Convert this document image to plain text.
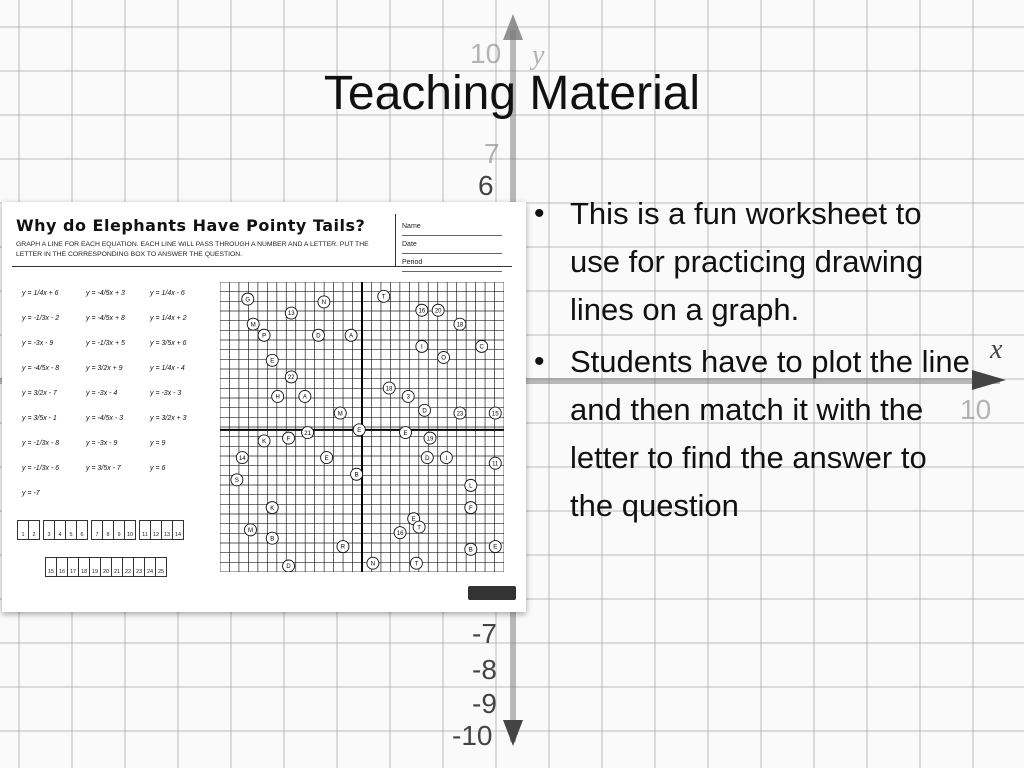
10 y
7
6
-7
-8
-9
-10
x
10
Teaching Material
• This is a fun worksheet to use for practicing drawing lines on a graph.
• Students have to plot the line and then match it with the letter to find the answer to the question
Why do Elephants Have Pointy Tails?
GRAPH A LINE FOR EACH EQUATION. EACH LINE WILL PASS THROUGH A NUMBER AND A LETTER. PUT THE LETTER IN THE CORRESPONDING BOX TO ANSWER THE QUESTION.
Name
Date
Period
y = 1/4x + 6	y = -4/5x + 3	y = 1/4x - 6
y = -1/3x - 2	y = -4/5x + 8	y = 1/4x + 2
y = -3x - 9	y = -1/3x + 5	y = 3/5x + 6
y = -4/5x - 8	y = 3/2x + 9	y = 1/4x - 4
y = 3/2x - 7	y = -3x - 4	y = -3x - 3
y = 3/5x - 1	y = -4/5x - 3	y = 3/2x + 3
y = -1/3x - 8	y = -3x - 9	y = 9
y = -1/3x - 6	y = 3/5x - 7	y = 6
y = -7
G	N
T
13	16 20
M
P	D	A
18
I	C
E	O
22
18
H	A	3
D	23	15
M
E	E
19
K	F
21
14	E	D	I
11
S
B
L
K
E
F
M
B
16
T
R	B	E
D	N	T
1	2	3	4	5	6	7	8	9	10	11 12 13 14
15 16 17 18 19 20 21 22 23 24 25
